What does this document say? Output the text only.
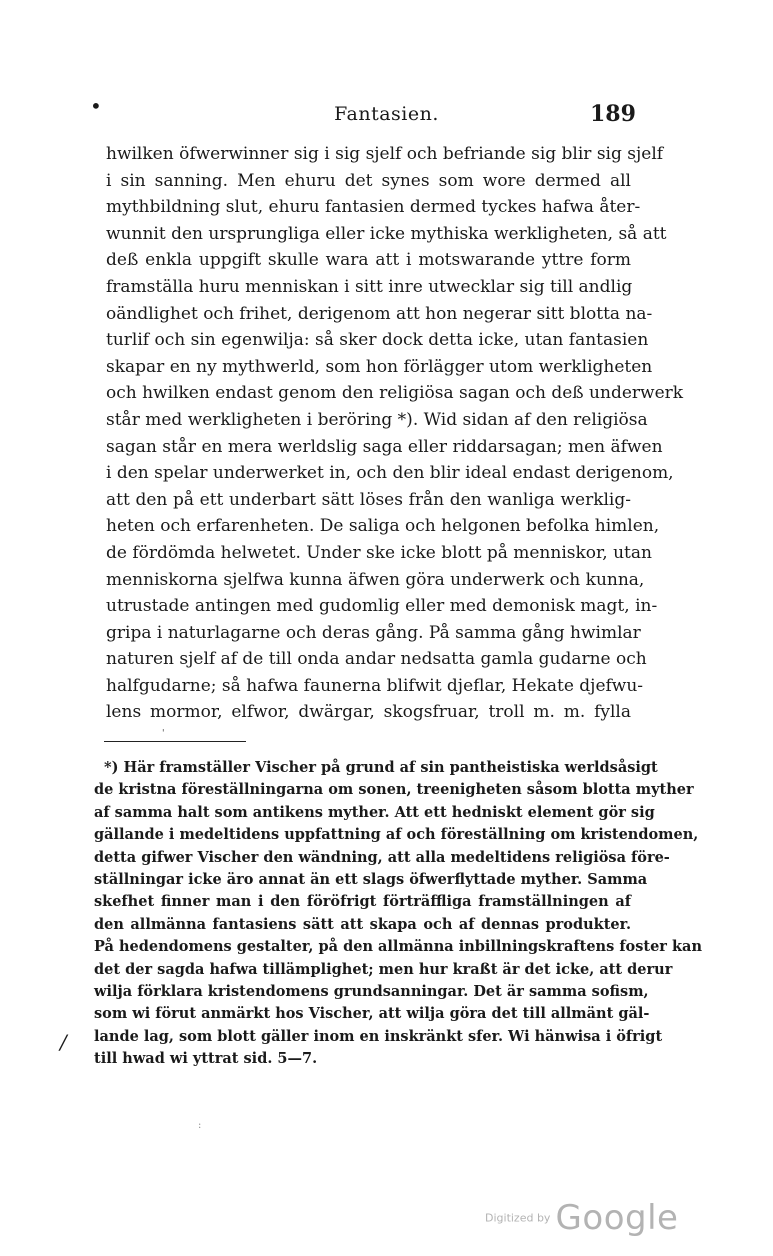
•	Fantasien.	189
hwilken öfwerwinner sig i sig sjelf och befriande sig blir sig sjelf
i sin sanning. Men ehuru det synes som wore dermed all
mythbildning slut, ehuru fantasien dermed tyckes hafwa åter-
wunnit den ursprungliga eller icke mythiska werkligheten, så att
deß enkla uppgift skulle wara att i motswarande yttre form
framställa huru menniskan i sitt inre utwecklar sig till andlig
oändlighet och frihet, derigenom att hon negerar sitt blotta na-
turlif och sin egenwilja: så sker dock detta icke, utan fantasien
skapar en ny mythwerld, som hon förlägger utom werkligheten
och hwilken endast genom den religiösa sagan och deß underwerk
står med werkligheten i beröring *). Wid sidan af den religiösa
sagan står en mera werldslig saga eller riddarsagan; men äfwen
i den spelar underwerket in, och den blir ideal endast derigenom,
att den på ett underbart sätt löses från den wanliga werklig-
heten och erfarenheten. De saliga och helgonen befolka himlen,
de fördömda helwetet. Under ske icke blott på menniskor, utan
menniskorna sjelfwa kunna äfwen göra underwerk och kunna,
utrustade antingen med gudomlig eller med demonisk magt, in-
gripa i naturlagarne och deras gång. På samma gång hwimlar
naturen sjelf af de till onda andar nedsatta gamla gudarne och
halfgudarne; så hafwa faunerna blifwit djeflar, Hekate djefwu-
lens mormor, elfwor, dwärgar, skogsfruar, troll m. m. fylla
'
*) Här framställer Vischer på grund af sin pantheistiska werldsåsigt
de kristna föreställningarna om sonen, treenigheten såsom blotta myther
af samma halt som antikens myther. Att ett hedniskt element gör sig
gällande i medeltidens uppfattning af och föreställning om kristendomen,
detta gifwer Vischer den wändning, att alla medeltidens religiösa före-
ställningar icke äro annat än ett slags öfwerflyttade myther. Samma
skefhet finner man i den föröfrigt förträffliga framställningen af
den allmänna fantasiens sätt att skapa och af dennas produkter.
På hedendomens gestalter, på den allmänna inbillningskraftens foster kan
det der sagda hafwa tillämplighet; men hur kraßt är det icke, att derur
wilja förklara kristendomens grundsanningar. Det är samma sofism,
som wi förut anmärkt hos Vischer, att wilja göra det till allmänt gäl-
lande lag, som blott gäller inom en inskränkt sfer. Wi hänwisa i öfrigt
till hwad wi yttrat sid. 5—7.
/
:
Digitized by Google
